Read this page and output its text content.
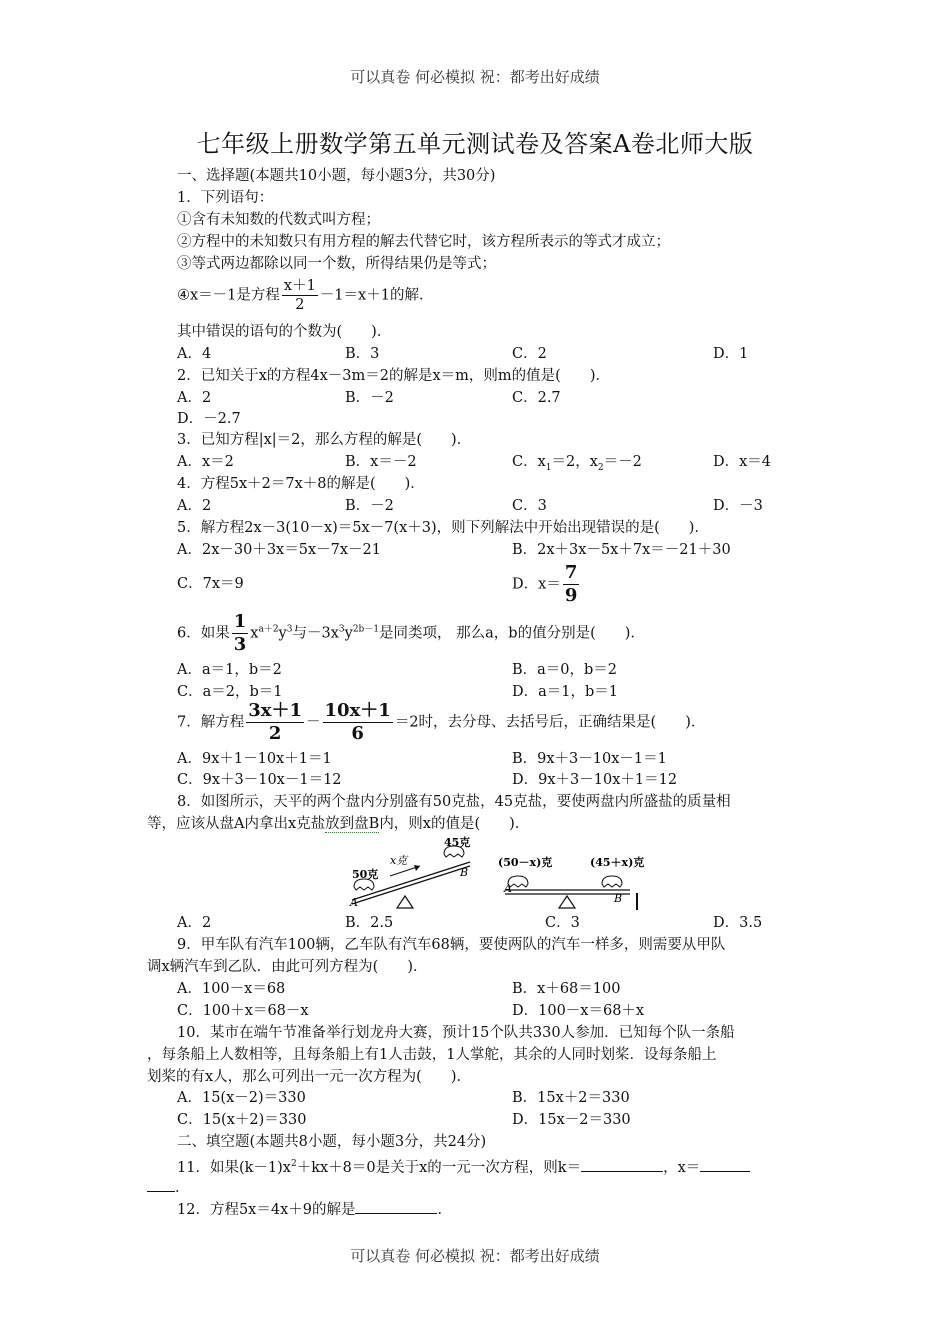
可以真卷 何必模拟 祝：都考出好成绩
七年级上册数学第五单元测试卷及答案A卷北师大版
一、选择题(本题共10小题，每小题3分，共30分)
1．下列语句：
①含有未知数的代数式叫方程；
②方程中的未知数只有用方程的解去代替它时，该方程所表示的等式才成立；
③等式两边都除以同一个数，所得结果仍是等式；
④x＝－1是方程 $\frac{x+1}{2} -1=x+1$的解．
其中错误的语句的个数为(　　)．
A．4	B．3	C．2	D．1
2．已知关于x的方程4x－3m＝2的解是x＝m，则m的值是(　　)．
A．2	B．－2	C．2.7
D．－2.7
3．已知方程|x|＝2，那么方程的解是(　　)．
A．x＝2	B．x＝－2	C．$x_1=2$，$x_2=-2$	D．x＝4
4．方程5x＋2＝7x＋8的解是(　　)．
A．2	B．－2	C．3	D．－3
5．解方程2x－3(10－x)＝5x－7(x＋3)，则下列解法中开始出现错误的是(　　)．
A．2x－30＋3x＝5x－7x－21	B．2x＋3x－5x＋7x＝－21＋30
C．7x＝9	D．$x= \frac{7}{9}$
6．如果 $\frac{1}{3} x^{a+2}y^3$与$-3x^3y^{2b-1}$是同类项， 那么a，b的值分别是(　　)．
A．a＝1，b＝2	B．a＝0，b＝2
C．a＝2，b＝1	D．a＝1，b＝1
7．解方程 $\frac{3x+1}{2} - \frac{10x+1}{6} =2$时，去分母、去括号后，正确结果是(　　)．
A．9x＋1－10x＋1＝1	B．9x＋3－10x－1＝1
C．9x＋3－10x－1＝12	D．9x＋3－10x＋1＝12
8．如图所示，天平的两个盘内分别盛有50克盐，45克盐，要使两盘内所盛盐的质量相
等，应该从盘A内拿出x克盐放到盘B内，则x的值是(　　)．
50克
45克
x克
A
B
(50－x)克	(45＋x)克
A
B
A．2	B．2.5	C．3	D．3.5
9．甲车队有汽车100辆，乙车队有汽车68辆，要使两队的汽车一样多，则需要从甲队
调x辆汽车到乙队．由此可列方程为(　　)．
A．100－x＝68	B．x＋68＝100
C．100＋x＝68－x	D．100－x＝68＋x
10．某市在端午节准备举行划龙舟大赛，预计15个队共330人参加．已知每个队一条船
，每条船上人数相等，且每条船上有1人击鼓，1人掌舵，其余的人同时划桨．设每条船上
划桨的有x人，那么可列出一元一次方程为(　　)．
A．15(x－2)＝330	B．15x＋2＝330
C．15(x＋2)＝330	D．15x－2＝330
二、填空题(本题共8小题，每小题3分，共24分)
11．如果$(k-1)x^2+kx+8=0$是关于x的一元一次方程，则k＝	，x＝
．
12．方程5x＝4x＋9的解是	．
可以真卷 何必模拟 祝：都考出好成绩
